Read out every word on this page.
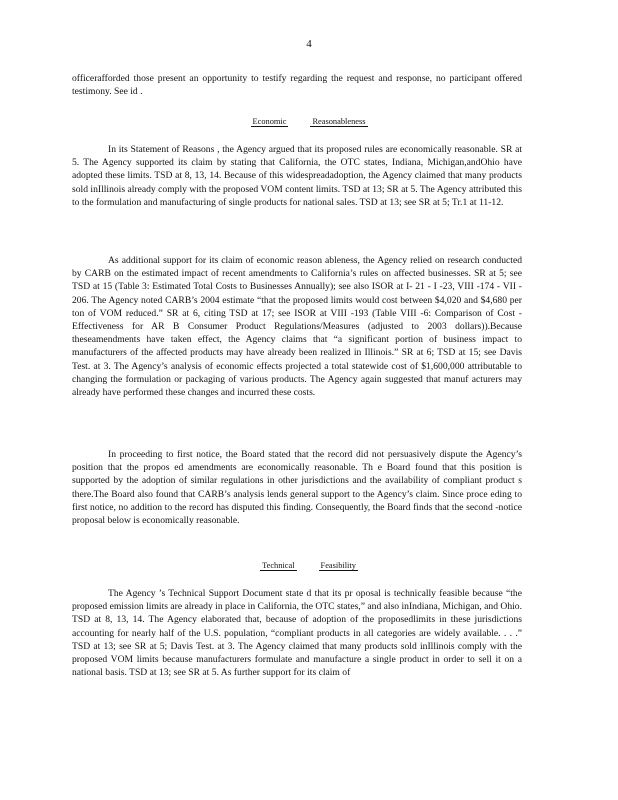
4

officerafforded those present an opportunity to testify regarding the request and response, no participant offered testimony. See id .

Economic	Reasonableness

In its Statement of Reasons , the Agency argued that its proposed rules are economically reasonable. SR at 5. The Agency supported its claim by stating that California, the OTC states, Indiana, Michigan,andOhio have adopted these limits. TSD at 8, 13, 14. Because of this widespreadadoption, the Agency claimed that many products sold inIllinois already comply with the proposed VOM content limits. TSD at 13; SR at 5. The Agency attributed this to the formulation and manufacturing of single products for national sales. TSD at 13; see SR at 5; Tr.1 at 11-12.

As additional support for its claim of economic reason ableness, the Agency relied on research conducted by CARB on the estimated impact of recent amendments to California’s rules on affected businesses. SR at 5; see TSD at 15 (Table 3: Estimated Total Costs to Businesses Annually); see also ISOR at I- 21 - I -23, VIII -174 - VII - 206. The Agency noted CARB’s 2004 estimate “that the proposed limits would cost between $4,020 and $4,680 per ton of VOM reduced.” SR at 6, citing TSD at 17; see ISOR at VIII -193 (Table VIII -6: Comparison of Cost -Effectiveness for AR B Consumer Product Regulations/Measures (adjusted to 2003 dollars)).Because theseamendments have taken effect, the Agency claims that “a significant portion of business impact to manufacturers of the affected products may have already been realized in Illinois.” SR at 6; TSD at 15; see Davis Test. at 3. The Agency’s analysis of economic effects projected a total statewide cost of $1,600,000 attributable to changing the formulation or packaging of various products. The Agency again suggested that manuf acturers may already have performed these changes and incurred these costs.

In proceeding to first notice, the Board stated that the record did not persuasively dispute the Agency’s position that the propos ed amendments are economically reasonable. Th e Board found that this position is supported by the adoption of similar regulations in other jurisdictions and the availability of compliant product s there.The Board also found that CARB’s analysis lends general support to the Agency’s claim. Since proce eding to first notice, no addition to the record has disputed this finding. Consequently, the Board finds that the second -notice proposal below is economically reasonable.

Technical	Feasibility

The Agency ’s Technical Support Document state d that its pr oposal is technically feasible because “the proposed emission limits are already in place in California, the OTC states,” and also inIndiana, Michigan, and Ohio. TSD at 8, 13, 14. The Agency elaborated that, because of adoption of the proposedlimits in these jurisdictions accounting for nearly half of the U.S. population, “compliant products in all categories are widely available. . . .” TSD at 13; see SR at 5; Davis Test. at 3. The Agency claimed that many products sold inIllinois comply with the proposed VOM limits because manufacturers formulate and manufacture a single product in order to sell it on a national basis. TSD at 13; see SR at 5. As further support for its claim of
